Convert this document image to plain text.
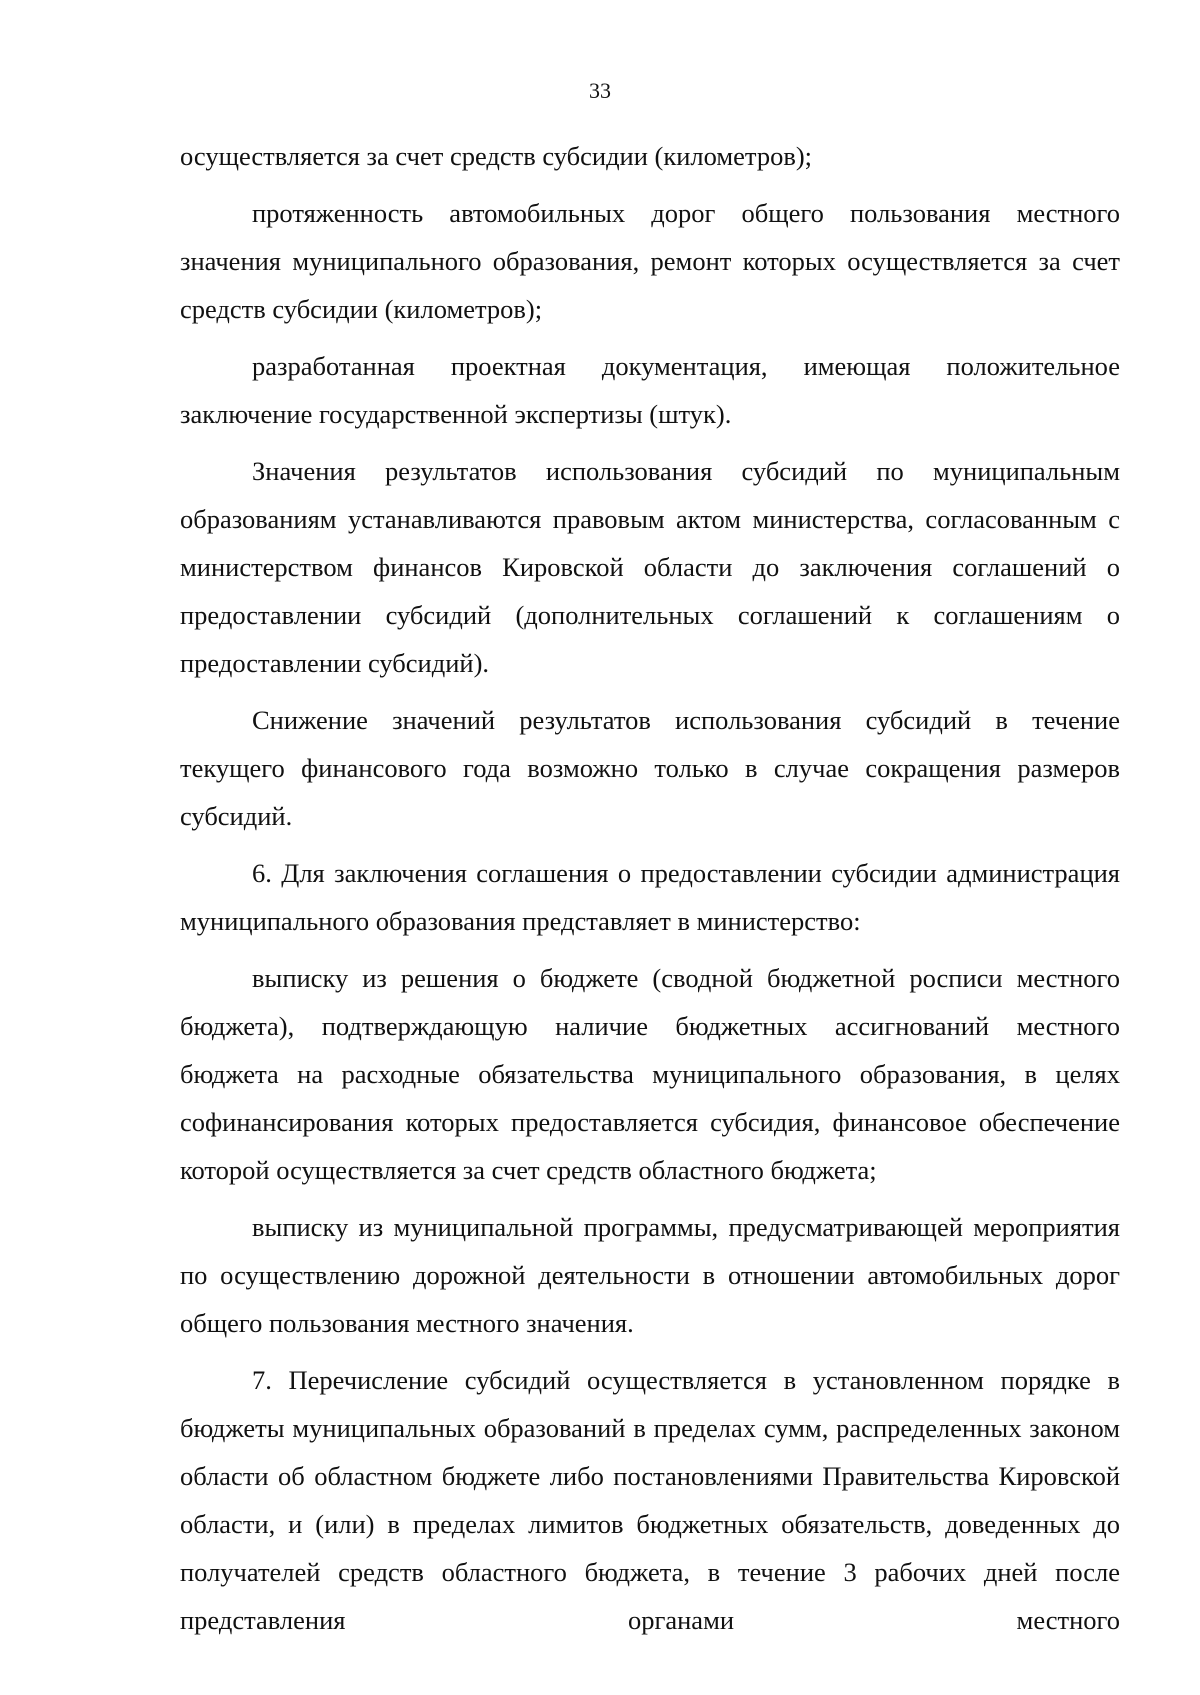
33

осуществляется за счет средств субсидии (километров);

протяженность автомобильных дорог общего пользования местного значения муниципального образования, ремонт которых осуществляется за счет средств субсидии (километров);

разработанная проектная документация, имеющая положительное заключение государственной экспертизы (штук).

Значения результатов использования субсидий по муниципальным образованиям устанавливаются правовым актом министерства, согласованным с министерством финансов Кировской области до заключения соглашений о предоставлении субсидий (дополнительных соглашений к соглашениям о предоставлении субсидий).

Снижение значений результатов использования субсидий в течение текущего финансового года возможно только в случае сокращения размеров субсидий.

6. Для заключения соглашения о предоставлении субсидии администрация муниципального образования представляет в министерство:

выписку из решения о бюджете (сводной бюджетной росписи местного бюджета), подтверждающую наличие бюджетных ассигнований местного бюджета на расходные обязательства муниципального образования, в целях софинансирования которых предоставляется субсидия, финансовое обеспечение которой осуществляется за счет средств областного бюджета;

выписку из муниципальной программы, предусматривающей мероприятия по осуществлению дорожной деятельности в отношении автомобильных дорог общего пользования местного значения.

7. Перечисление субсидий осуществляется в установленном порядке в бюджеты муниципальных образований в пределах сумм, распределенных законом области об областном бюджете либо постановлениями Правительства Кировской области, и (или) в пределах лимитов бюджетных обязательств, доведенных до получателей средств областного бюджета, в течение 3 рабочих дней после представления органами местного
